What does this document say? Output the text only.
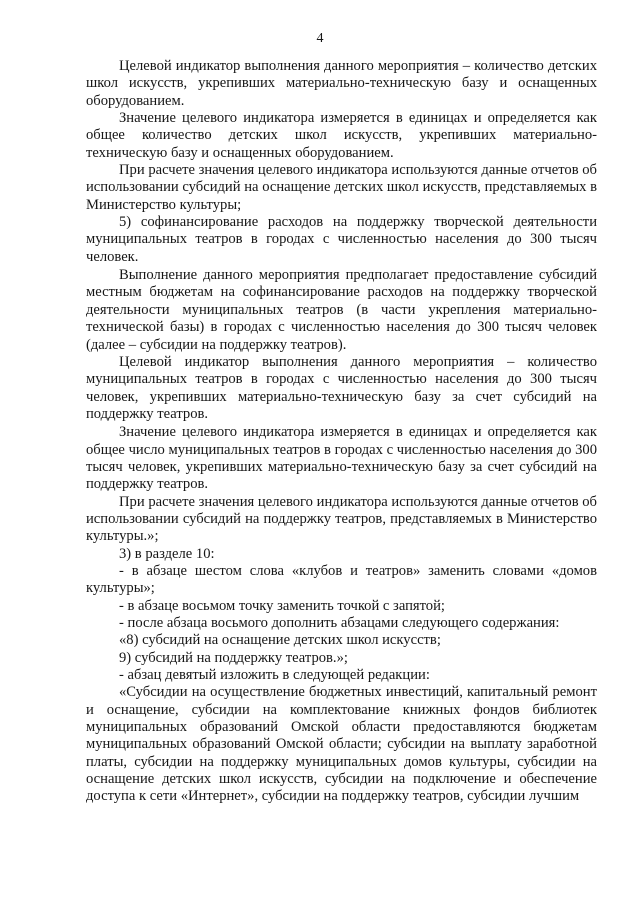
4

Целевой индикатор выполнения данного мероприятия – количество детских школ искусств, укрепивших материально-техническую базу и оснащенных оборудованием.

Значение целевого индикатора измеряется в единицах и определяется как общее количество детских школ искусств, укрепивших материально-техническую базу и оснащенных оборудованием.

При расчете значения целевого индикатора используются данные отчетов об использовании субсидий на оснащение детских школ искусств, представляемых в Министерство культуры;

5) софинансирование расходов на поддержку творческой деятельности муниципальных театров в городах с численностью населения до 300 тысяч человек.

Выполнение данного мероприятия предполагает предоставление субсидий местным бюджетам на софинансирование расходов на поддержку творческой деятельности муниципальных театров (в части укрепления материально-технической базы) в городах с численностью населения до 300 тысяч человек (далее – субсидии на поддержку театров).

Целевой индикатор выполнения данного мероприятия – количество муниципальных театров в городах с численностью населения до 300 тысяч человек, укрепивших материально-техническую базу за счет субсидий на поддержку театров.

Значение целевого индикатора измеряется в единицах и определяется как общее число муниципальных театров в городах с численностью населения до 300 тысяч человек, укрепивших материально-техническую базу за счет субсидий на поддержку театров.

При расчете значения целевого индикатора используются данные отчетов об использовании субсидий на поддержку театров, представляемых в Министерство культуры.»;

3) в разделе 10:

- в абзаце шестом слова «клубов и театров» заменить словами «домов культуры»;

- в абзаце восьмом точку заменить точкой с запятой;

- после абзаца восьмого дополнить абзацами следующего содержания:

«8) субсидий на оснащение детских школ искусств;

9) субсидий на поддержку театров.»;

- абзац девятый изложить в следующей редакции:

«Субсидии на осуществление бюджетных инвестиций, капитальный ремонт и оснащение, субсидии на комплектование книжных фондов библиотек муниципальных образований Омской области предоставляются бюджетам муниципальных образований Омской области; субсидии на выплату заработной платы, субсидии на поддержку муниципальных домов культуры, субсидии на оснащение детских школ искусств, субсидии на подключение и обеспечение доступа к сети «Интернет», субсидии на поддержку театров, субсидии лучшим
